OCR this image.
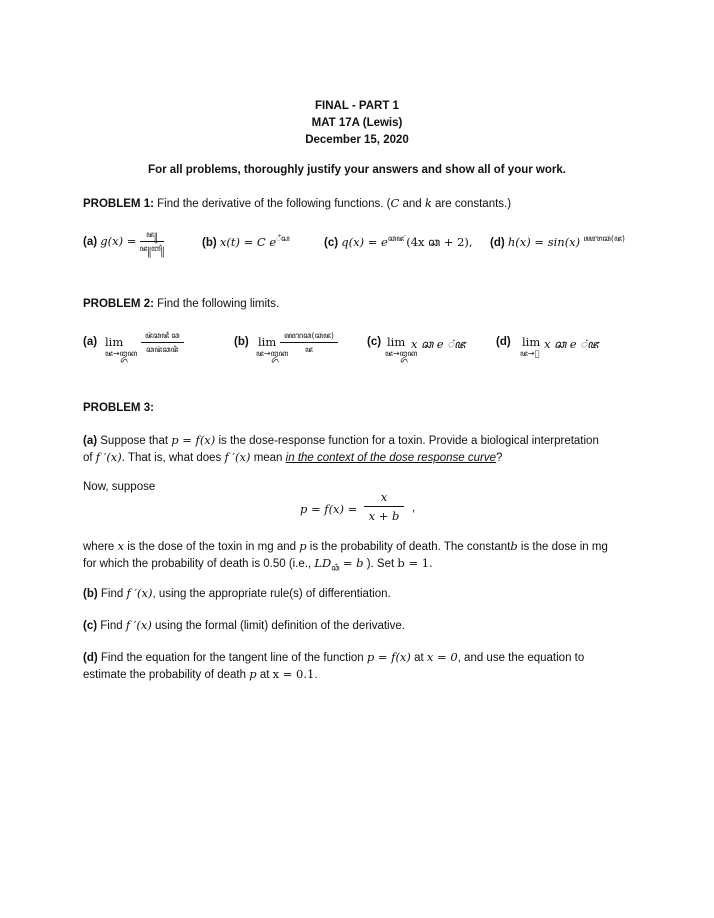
FINAL - PART 1
MAT 17A (Lewis)
December 15, 2020
For all problems, thoroughly justify your answers and show all of your work.
PROBLEM 1: Find the derivative of the following functions. (C and k are constants.)
(a) $g(x) = \frac{\text{ꦗ꧋}}{\text{ꦗ꧋ꦧ꧋ꦀ}}$	(b) x(t) = C $e^{ꦁꦀꦱ}$	(c) $q(x) = e^{ꦕꦗ ꦁ}(4x$ ꦕ + 2), (d) h(x) = sin(x) $^{ꦖꦫꦕ(ꦗ)}$
PROBLEM 2: Find the following limits.
(a) lim
ꦗ→ꦈꦏ
ꦗꦁꦕꦗ ꦀꦕ
ꦕꦗꦁꦕꦗꦀ
(b) lim
ꦗ→ꦈꦏ
ꦖꦫꦕ(ꦕꦗ)
ꦗ
(c) lim
ꦗ→ꦈꦏ
x ꦕ e ꦁꦗ	(d) lim
ꦗ→ꦀ
x ꦕ e ꦁꦗ
PROBLEM 3:
(a) Suppose that p = f(x) is the dose-response function for a toxin. Provide a biological interpretation
of f ′(x). That is, what does f ′(x) mean in the context of the dose response curve?
Now, suppose
$p = f(x) = \frac{x}{x + b}$ ,
where x is the dose of the toxin in mg and p is the probability of death. The constantb is the dose in mg
for which the probability of death is 0.50 (i.e., $LD_{ꦕꦀ} = b$ ). Set b = 1.
(b) Find f ′(x), using the appropriate rule(s) of differentiation.
(c) Find f ′(x) using the formal (limit) definition of the derivative.
(d) Find the equation for the tangent line of the function p = f(x) at x = 0, and use the equation to
estimate the probability of death p at x = 0.1.
